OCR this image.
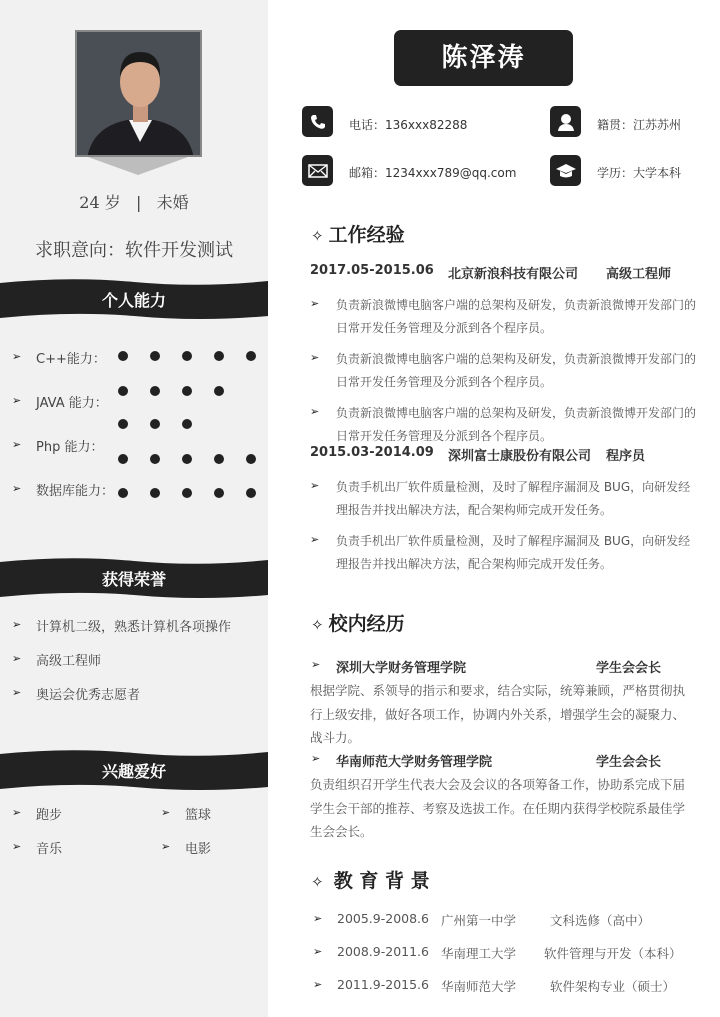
24 岁 | 未婚
求职意向：软件开发测试
个人能力
获得荣誉
兴趣爱好
➢ C++能力：
➢ JAVA 能力：
➢ Php 能力：
➢ 数据库能力：
➢ 计算机二级，熟悉计算机各项操作
➢ 高级工程师
➢ 奥运会优秀志愿者
➢ 跑步	➢ 篮球
➢ 音乐	➢ 电影
陈泽涛
电话：136xxx82288
邮箱：1234xxx789@qq.com
籍贯：江苏苏州
学历：大学本科
✧ 工作经验
✧ 校内经历
➢ 深圳大学财务管理学院	学生会会长
根据学院、系领导的指示和要求，结合实际，统筹兼顾，严格贯彻执
行上级安排，做好各项工作，协调内外关系，增强学生会的凝聚力、
战斗力。
➢ 华南师范大学财务管理学院	学生会会长
负责组织召开学生代表大会及会议的各项筹备工作，协助系完成下届
学生会干部的推荐、考察及选拔工作。在任期内获得学校院系最佳学
生会会长。
✧ 教 育 背 景
➢ 2005.9-2008.6 广州第一中学	文科选修（高中）
➢ 2008.9-2011.6 华南理工大学 软件管理与开发（本科）
➢ 2011.9-2015.6 华南师范大学	软件架构专业（硕士）
2017.05-2015.06 北京新浪科技有限公司 高级工程师
➢ 负责新浪微博电脑客户端的总架构及研发，负责新浪微博开发部门的
日常开发任务管理及分派到各个程序员。
➢ 负责新浪微博电脑客户端的总架构及研发，负责新浪微博开发部门的
日常开发任务管理及分派到各个程序员。
➢ 负责新浪微博电脑客户端的总架构及研发，负责新浪微博开发部门的
日常开发任务管理及分派到各个程序员。
2015.03-2014.09 深圳富士康股份有限公司 程序员
➢ 负责手机出厂软件质量检测，及时了解程序漏洞及 BUG，向研发经
理报告并找出解决方法，配合架构师完成开发任务。
➢ 负责手机出厂软件质量检测，及时了解程序漏洞及 BUG，向研发经
理报告并找出解决方法，配合架构师完成开发任务。
